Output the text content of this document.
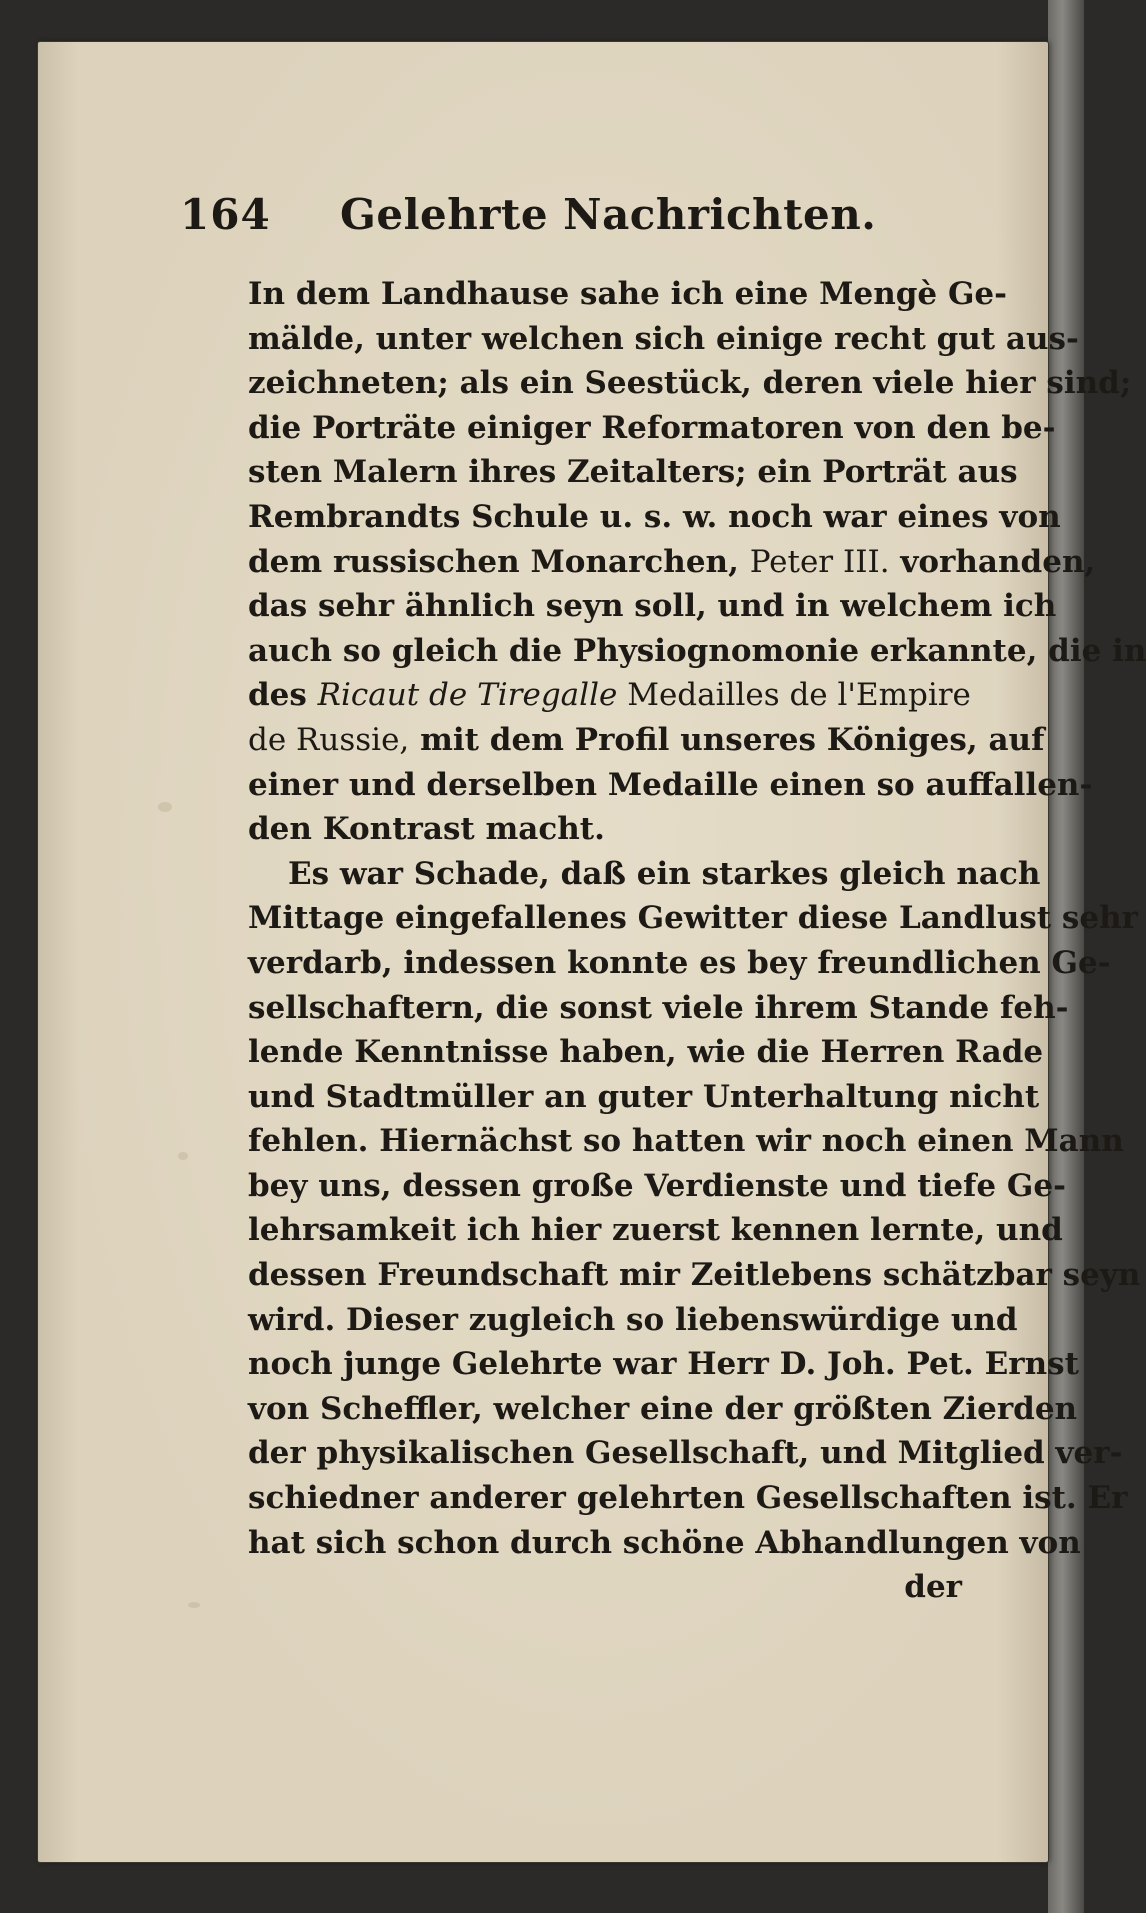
164 Gelehrte Nachrichten.
In dem Landhause sahe ich eine Mengè Ge-
mälde, unter welchen sich einige recht gut aus-
zeichneten; als ein Seestück, deren viele hier sind;
die Porträte einiger Reformatoren von den be-
sten Malern ihres Zeitalters; ein Porträt aus
Rembrandts Schule u. s. w. noch war eines von
dem russischen Monarchen, Peter III. vorhanden,
das sehr ähnlich seyn soll, und in welchem ich
auch so gleich die Physiognomonie erkannte, die in
des Ricaut de Tiregalle Medailles de l'Empire
de Russie, mit dem Profil unseres Königes, auf
einer und derselben Medaille einen so auffallen-
den Kontrast macht.
Es war Schade, daß ein starkes gleich nach
Mittage eingefallenes Gewitter diese Landlust sehr
verdarb, indessen konnte es bey freundlichen Ge-
sellschaftern, die sonst viele ihrem Stande feh-
lende Kenntnisse haben, wie die Herren Rade
und Stadtmüller an guter Unterhaltung nicht
fehlen. Hiernächst so hatten wir noch einen Mann
bey uns, dessen große Verdienste und tiefe Ge-
lehrsamkeit ich hier zuerst kennen lernte, und
dessen Freundschaft mir Zeitlebens schätzbar seyn
wird. Dieser zugleich so liebenswürdige und
noch junge Gelehrte war Herr D. Joh. Pet. Ernst
von Scheffler, welcher eine der größten Zierden
der physikalischen Gesellschaft, und Mitglied ver-
schiedner anderer gelehrten Gesellschaften ist. Er
hat sich schon durch schöne Abhandlungen von
der
